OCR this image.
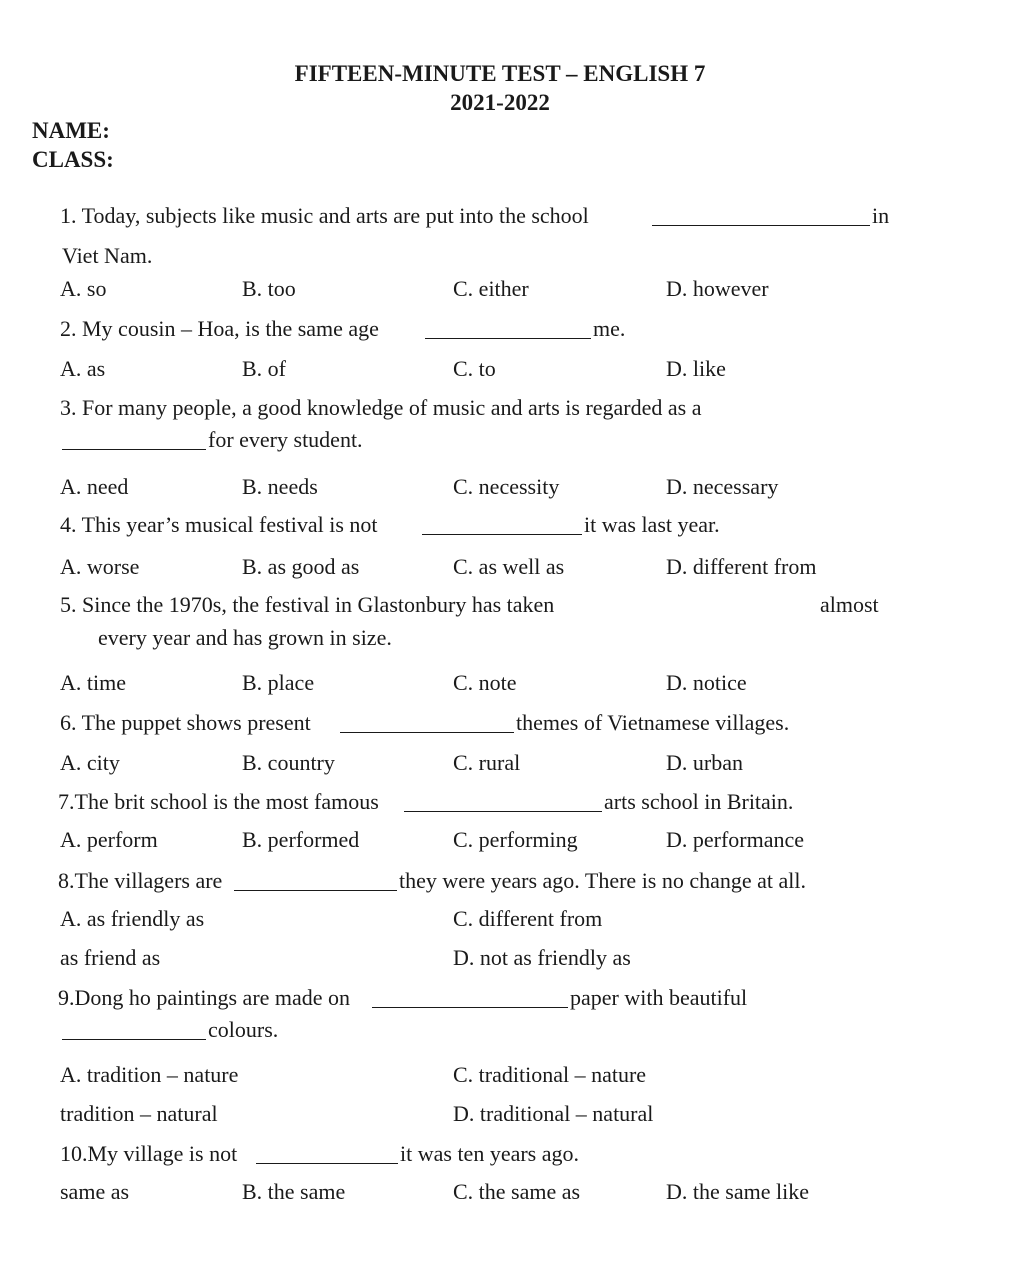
FIFTEEN-MINUTE TEST – ENGLISH 7
2021-2022
NAME:
CLASS:
1. Today, subjects like music and arts are put into the school	in
Viet Nam.
A. so	B. too	C. either	D. however
2. My cousin – Hoa, is the same age	me.
A. as	B. of	C. to	D. like
3. For many people, a good knowledge of music and arts is regarded as a
for every student.
A. need	B. needs	C. necessity	D. necessary
4. This year’s musical festival is not	it was last year.
A. worse	B. as good as	C. as well as	D. different from
5. Since the 1970s, the festival in Glastonbury has taken	almost
every year and has grown in size.
A. time	B. place	C. note	D. notice
6. The puppet shows present	themes of Vietnamese villages.
A. city	B. country	C. rural	D. urban
7.The brit school is the most famous	arts school in Britain.
A. perform	B. performed	C. performing	D. performance
8.The villagers are	they were years ago. There is no change at all.
A. as friendly as	C. different from
as friend as	D. not as friendly as
9.Dong ho paintings are made on	paper with beautiful
colours.
A. tradition – nature	C. traditional – nature
tradition – natural	D. traditional – natural
10.My village is not	it was ten years ago.
same as	B. the same	C. the same as	D. the same like
